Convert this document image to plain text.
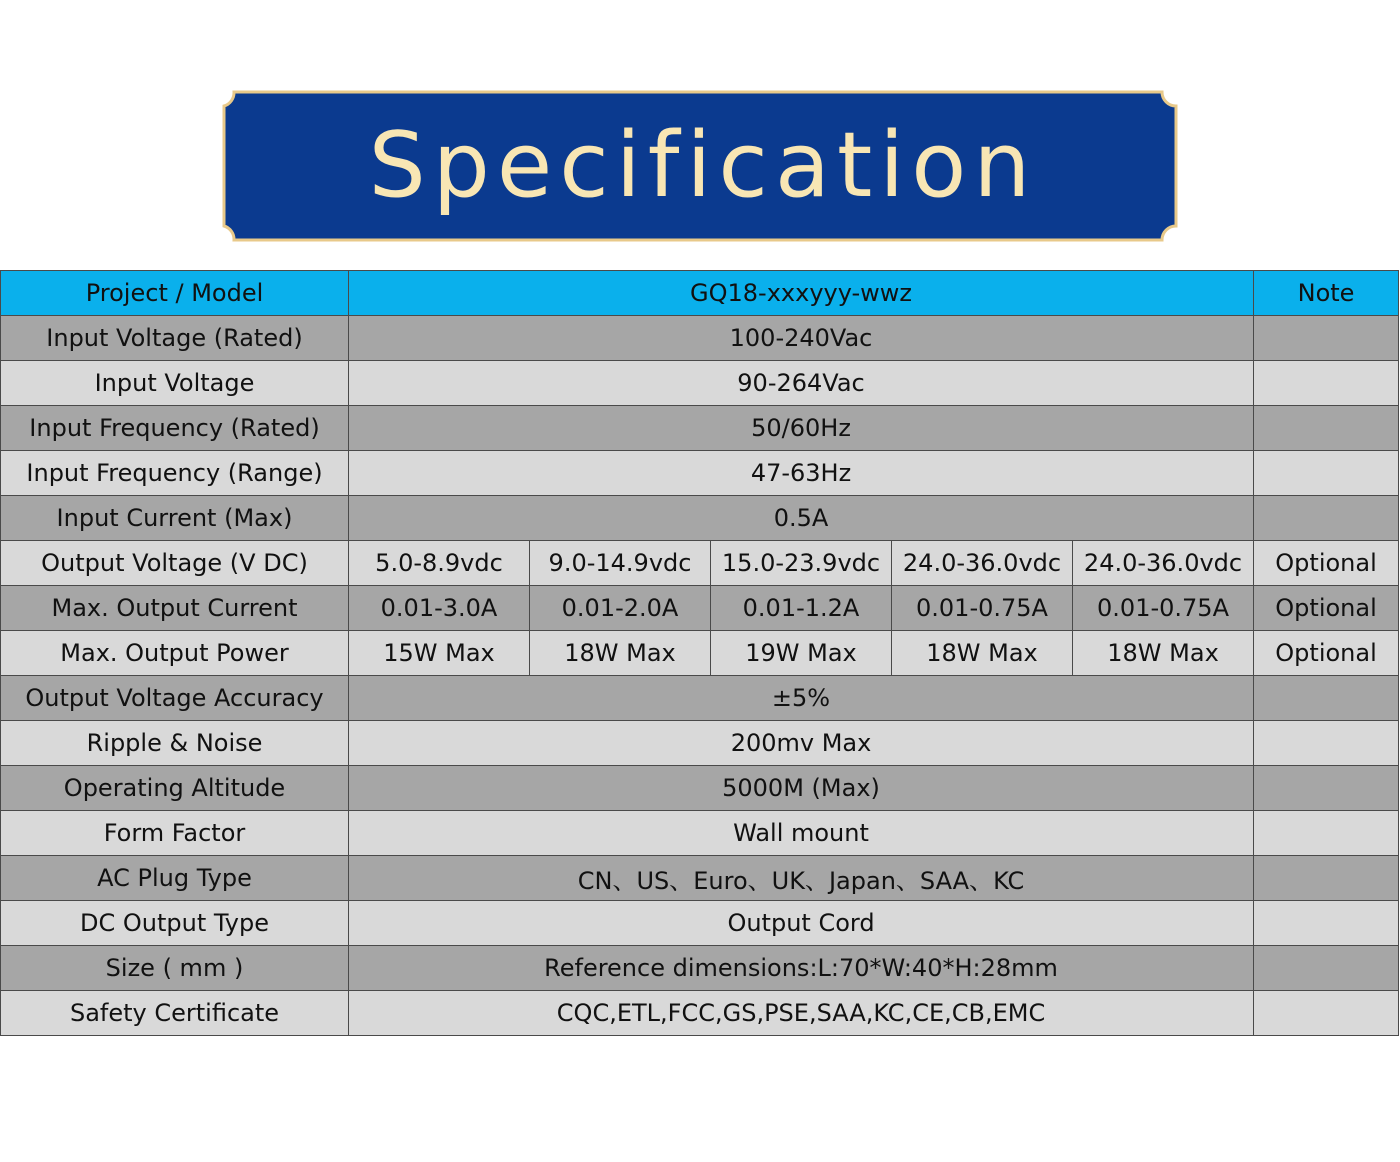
Specification
Project / Model	GQ18-xxxyyy-wwz					Note
Input Voltage (Rated)	100-240Vac					
Input Voltage	90-264Vac					
Input Frequency (Rated)	50/60Hz					
Input Frequency (Range)	47-63Hz					
Input Current (Max)	0.5A					
Output Voltage (V DC)	5.0-8.9vdc	9.0-14.9vdc	15.0-23.9vdc	24.0-36.0vdc	24.0-36.0vdc	Optional
Max. Output Current	0.01-3.0A	0.01-2.0A	0.01-1.2A	0.01-0.75A	0.01-0.75A	Optional
Max. Output Power	15W Max	18W Max	19W Max	18W Max	18W Max	Optional
Output Voltage Accuracy	±5%					
Ripple & Noise	200mv Max					
Operating Altitude	5000M (Max)					
Form Factor	Wall mount					
AC Plug Type	CN、US、Euro、UK、Japan、SAA、KC					
DC Output Type	Output Cord					
Size ( mm )	Reference dimensions:L:70*W:40*H:28mm					
Safety Certificate	CQC,ETL,FCC,GS,PSE,SAA,KC,CE,CB,EMC					
